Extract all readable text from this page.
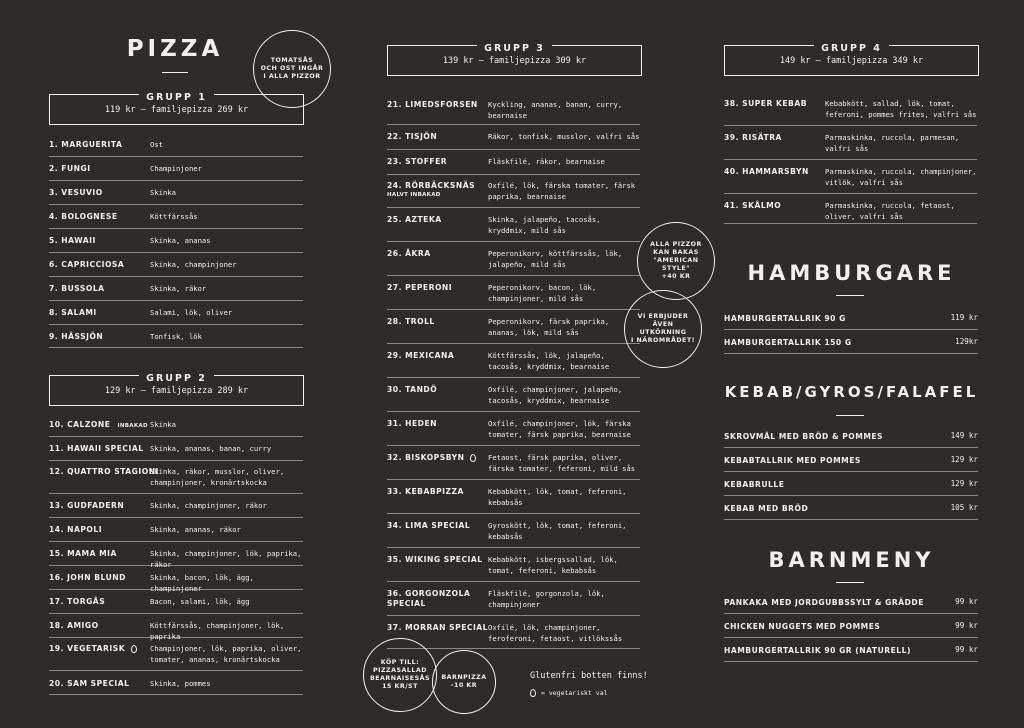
PIZZA	TOMATSÅS
OCH OST INGÅR
I ALLA PIZZOR
GRUPP 1
119 kr – familjepizza 269 kr
1. MARGUERITA	Ost
2. FUNGI	Champinjoner
3. VESUVIO	Skinka
4. BOLOGNESE	Köttfärssås
5. HAWAII	Skinka, ananas
6. CAPRICCIOSA	Skinka, champinjoner
7. BUSSOLA	Skinka, räkor
8. SALAMI	Salami, lök, oliver
9. HÄSSJÖN	Tonfisk, lök
GRUPP 2
129 kr – familjepizza 289 kr
10. CALZONE INBAKAD Skinka
11. HAWAII SPECIAL Skinka, ananas, banan, curry
12. QUATTRO STAGIONI
Skinka, räkor, musslor, oliver,
champinjoner, kronärtskocka
13. GUDFADERN	Skinka, champinjoner, räkor
14. NAPOLI	Skinka, ananas, räkor
15. MAMA MIA	Skinka, champinjoner, lök, paprika, räkor
16. JOHN BLUND	Skinka, bacon, lök, ägg, champinjoner
17. TORGÅS	Bacon, salami, lök, ägg
18. AMIGO	Köttfärssås, champinjoner, lök, paprika
19. VEGETARISK	Champinjoner, lök, paprika, oliver,
tomater, ananas, kronärtskocka
20. SAM SPECIAL	Skinka, pommes
GRUPP 3
139 kr – familjepizza 309 kr
21. LIMEDSFORSEN Kyckling, ananas, banan, curry,
bearnaise
22. TISJÖN	Räkor, tonfisk, musslor, valfri sås
23. STOFFER	Fläskfilé, räkor, bearnaise
24. RÖRBÄCKSNÄS
HALVT INBAKAD
Oxfilé, lök, färska tomater, färsk
paprika, bearnaise
25. AZTEKA	Skinka, jalapeño, tacosås,
kryddmix, mild sås
26. ÅKRA	Peperonikorv, köttfärssås, lök,
jalapeño, mild sås
27. PEPERONI	Peperonikorv, bacon, lök,
champinjoner, mild sås
28. TROLL	Peperonikorv, färsk paprika,
ananas, lök, mild sås
29. MEXICANA	Köttfärssås, lök, jalapeño,
tacosås, kryddmix, bearnaise
30. TANDÖ	Oxfilé, champinjoner, jalapeño,
tacosås, kryddmix, bearnaise
31. HEDEN	Oxfilé, champinjoner, lök, färska
tomater, färsk paprika, bearnaise
32. BISKOPSBYN	Fetaost, färsk paprika, oliver,
färska tomater, feferoni, mild sås
33. KEBABPIZZA	Kebabkött, lök, tomat, feferoni,
kebabsås
34. LIMA SPECIAL Gyroskött, lök, tomat, feferoni,
kebabsås
35. WIKING SPECIAL Kebabkött, isbergssallad, lök,
tomat, feferoni, kebabsås
36. GORGONZOLA
SPECIAL
Fläskfilé, gorgonzola, lök,
champinjoner
37. MORRAN SPECIAL Oxfilé, lök, champinjoner,
feroferoni, fetaost, vitlökssås
ALLA PIZZOR
KAN BAKAS
"AMERICAN
STYLE"
+40 KR
VI ERBJUDER
ÄVEN
UTKÖRNING
I NÄROMRÅDET!
KÖP TILL:
PIZZASALLAD
BEARNAISESÅS
15 KR/ST
BARNPIZZA
-10 KR
Glutenfri botten finns!
= vegetariskt val
GRUPP 4
149 kr – familjepizza 349 kr
38. SUPER KEBAB	Kebabkött, sallad, lök, tomat,
feferoni, pommes frites, valfri sås
39. RISÄTRA	Parmaskinka, ruccola, parmesan,
valfri sås
40. HAMMARSBYN Parmaskinka, ruccola, champinjoner,
vitlök, valfri sås
41. SKÅLMO	Parmaskinka, ruccola, fetaost,
oliver, valfri sås
HAMBURGARE
HAMBURGERTALLRIK 90 G	119 kr
HAMBURGERTALLRIK 150 G	129kr
KEBAB/GYROS/FALAFEL
SKROVMÅL MED BRÖD & POMMES	149 kr
KEBABTALLRIK MED POMMES	129 kr
KEBABRULLE	129 kr
KEBAB MED BRÖD	105 kr
BARNMENY
PANKAKA MED JORDGUBBSSYLT & GRÄDDE	99 kr
CHICKEN NUGGETS MED POMMES	99 kr
HAMBURGERTALLRIK 90 GR (NATURELL)	99 kr
